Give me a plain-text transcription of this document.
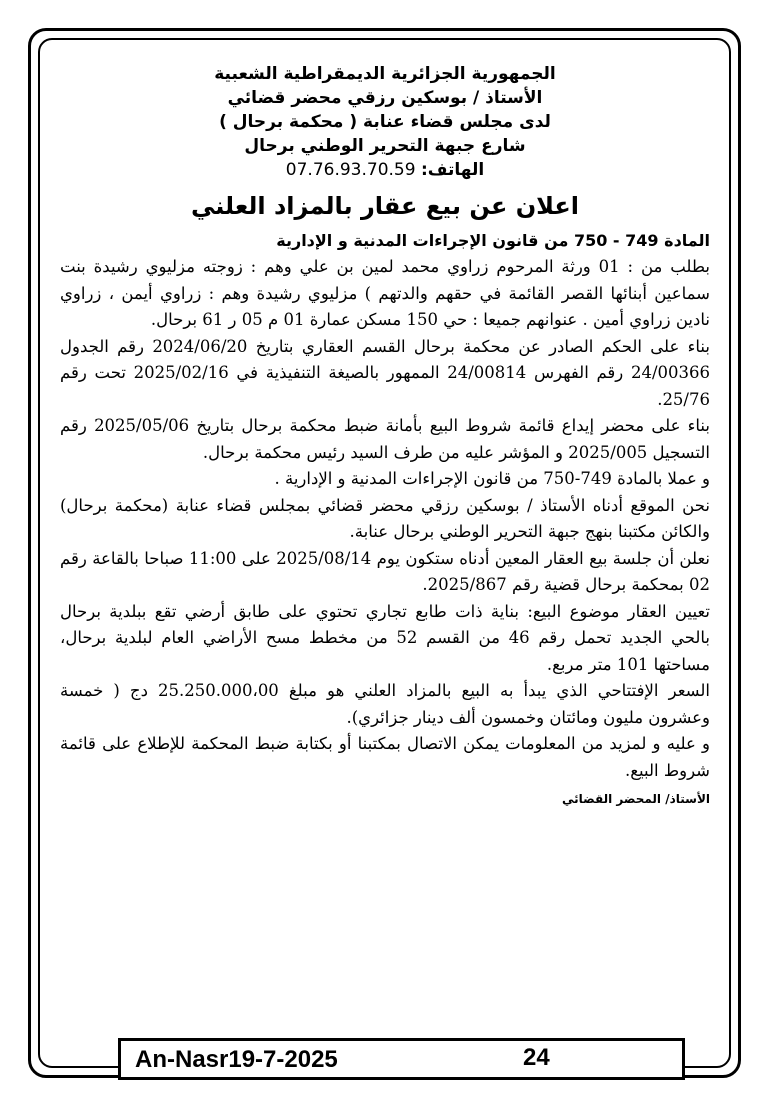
الجمهورية الجزائرية الديمقراطية الشعبية
الأستاذ / بوسكين رزقي محضر قضائي
لدى مجلس قضاء عنابة ( محكمة برحال )
شارع جبهة التحرير الوطني برحال
الهاتف: 07.76.93.70.59
اعلان عن بيع عقار بالمزاد العلني
المادة 749 - 750 من قانون الإجراءات المدنية و الإدارية

بطلب من : 01 ورثة المرحوم زراوي محمد لمين بن علي وهم : زوجته مزليوي رشيدة بنت سماعين أبنائها القصر القائمة في حقهم والدتهم ) مزليوي رشيدة وهم : زراوي أيمن ، زراوي نادين زراوي أمين . عنوانهم جميعا : حي 150 مسكن عمارة 01 م 05 ر 61 برحال.

بناء على الحكم الصادر عن محكمة برحال القسم العقاري بتاريخ 2024/06/20 رقم الجدول 24/00366 رقم الفهرس 24/00814 الممهور بالصيغة التنفيذية في 2025/02/16 تحت رقم 25/76.

بناء على محضر إيداع قائمة شروط البيع بأمانة ضبط محكمة برحال بتاريخ 2025/05/06 رقم التسجيل 2025/005 و المؤشر عليه من طرف السيد رئيس محكمة برحال.

و عملا بالمادة 749-750 من قانون الإجراءات المدنية و الإدارية .

نحن الموقع أدناه الأستاذ / بوسكين رزقي محضر قضائي بمجلس قضاء عنابة (محكمة برحال) والكائن مكتبنا بنهج جبهة التحرير الوطني برحال عنابة.

نعلن أن جلسة بيع العقار المعين أدناه ستكون يوم 2025/08/14 على 11:00 صباحا بالقاعة رقم 02 بمحكمة برحال قضية رقم 2025/867.

تعيين العقار موضوع البيع: بناية ذات طابع تجاري تحتوي على طابق أرضي تقع ببلدية برحال بالحي الجديد تحمل رقم 46 من القسم 52 من مخطط مسح الأراضي العام لبلدية برحال، مساحتها 101 متر مربع.

السعر الإفتتاحي الذي يبدأ به البيع بالمزاد العلني هو مبلغ 25.250.000،00 دج ( خمسة وعشرون مليون ومائتان وخمسون ألف دينار جزائري).

و عليه و لمزيد من المعلومات يمكن الاتصال بمكتبنا أو بكتابة ضبط المحكمة للإطلاع على قائمة شروط البيع.

الأستاذ/ المحضر القضائي
An-Nasr19-7-2025	24
